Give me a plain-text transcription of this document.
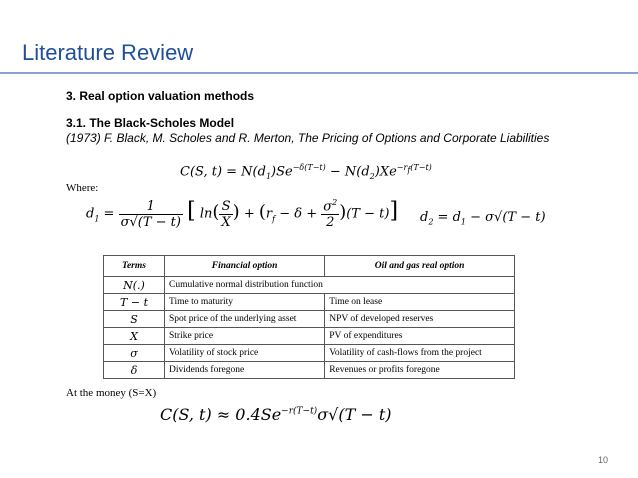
Literature Review
3. Real option valuation methods
3.1. The Black-Scholes Model
(1973) F. Black, M. Scholes and R. Merton, The Pricing of Options and Corporate Liabilities
C(S, $t) = N(d_1)Se^{-\delta(T-t)} - N(d_2)Xe^{-r_f(T-t)}$
Where:
$d_1 = \frac{1}{\sigma√(T - t)}$ [ $\ln( \frac{S}{X}$ ) + $(r_f - \delta + \frac{\sigma^2}{2} )(T - t)$] $d_2 = d_1 - \sigma√(T - t)$
Terms	Financial option	Oil and gas real option
N(.)	Cumulative normal distribution function	
T − t	Time to maturity	Time on lease
S	Spot price of the underlying asset	NPV of developed reserves
X	Strike price	PV of expenditures
σ	Volatility of stock price	Volatility of cash-flows from the project
δ	Dividends foregone	Revenues or profits foregone
At the money (S=X)
C(S, $t) \approx 0.4Se^{-r(T-t)}\sigma√(T - t)$
10
